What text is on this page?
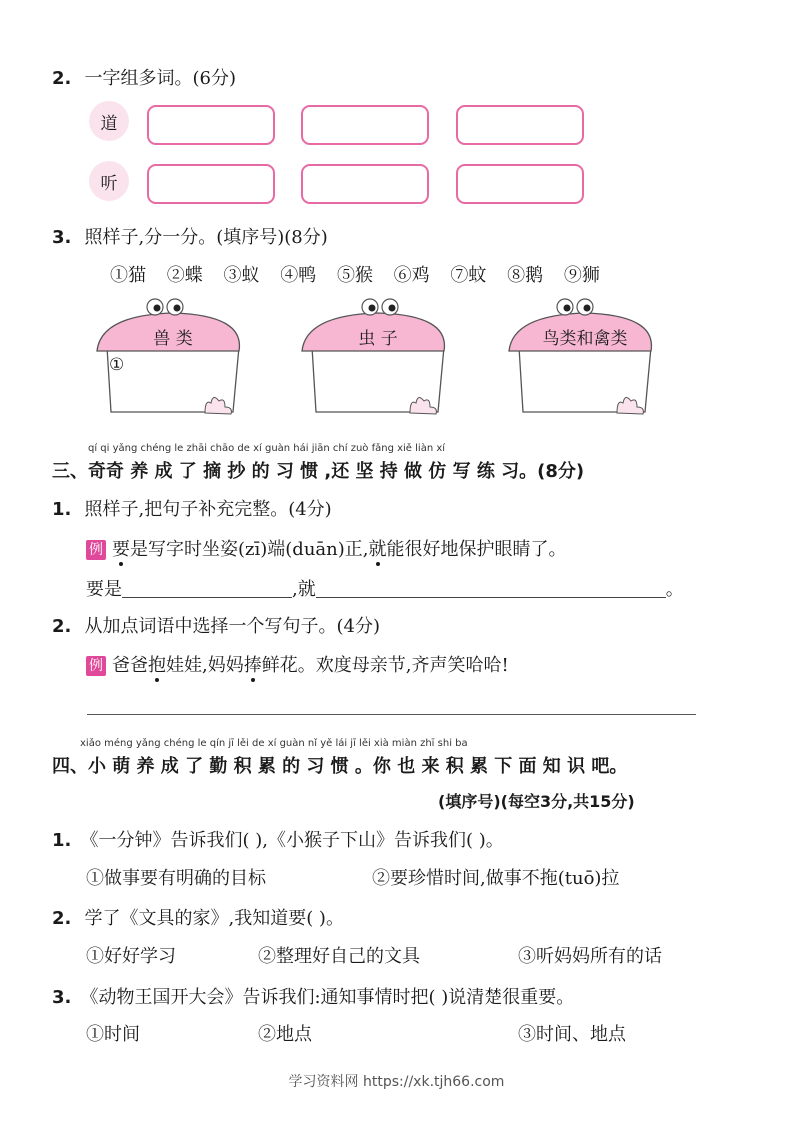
2. 一字组多词。(6分)
道
听
3. 照样子,分一分。(填序号)(8分)
①猫 ②蝶 ③蚁 ④鸭 ⑤猴 ⑥鸡 ⑦蚊 ⑧鹅 ⑨狮
兽 类
①
虫 子	鸟类和禽类
qí qi yǎng chéng le zhāi chāo de xí guàn hái jiān chí zuò fǎng xiě liàn xí
三、奇奇 养 成 了 摘 抄 的 习 惯 ,还 坚 持 做 仿 写 练 习。(8分)
1. 照样子,把句子补充完整。(4分)
例 要是写字时坐姿(zī)端(duān)正,就能很好地保护眼睛了。
要是	,就	。
2. 从加点词语中选择一个写句子。(4分)
例 爸爸抱娃娃,妈妈捧鲜花。欢度母亲节,齐声笑哈哈!
xiǎo méng yǎng chéng le qín jī lěi de xí guàn nǐ yě lái jī lěi xià miàn zhī shi ba
四、小 萌 养 成 了 勤 积 累 的 习 惯 。你 也 来 积 累 下 面 知 识 吧。
(填序号)(每空3分,共15分)
1. 《一分钟》告诉我们( ),《小猴子下山》告诉我们( )。
①做事要有明确的目标	②要珍惜时间,做事不拖(tuō)拉
2. 学了《文具的家》,我知道要( )。
①好好学习	②整理好自己的文具	③听妈妈所有的话
3. 《动物王国开大会》告诉我们:通知事情时把( )说清楚很重要。
①时间	②地点	③时间、地点
学习资料网 https://xk.tjh66.com
